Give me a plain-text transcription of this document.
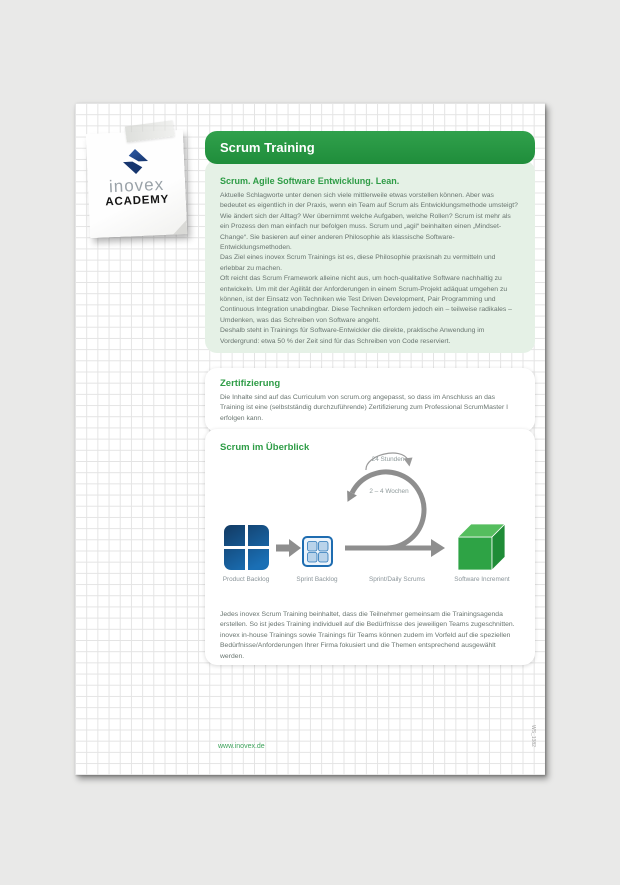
inovex
ACADEMY
Scrum Training
Scrum. Agile Software Entwicklung. Lean.

Aktuelle Schlagworte unter denen sich viele mittlerweile etwas vorstellen können. Aber was bedeutet es eigentlich in der Praxis, wenn ein Team auf Scrum als Entwicklungsmethode umsteigt? Wie ändert sich der Alltag? Wer übernimmt welche Aufgaben, welche Rollen? Scrum ist mehr als ein Prozess den man einfach nur befolgen muss. Scrum und „agil“ beinhalten einen „Mindset-Change“. Sie basieren auf einer anderen Philosophie als klassische Software-Entwicklungsmethoden.

Das Ziel eines inovex Scrum Trainings ist es, diese Philosophie praxisnah zu vermitteln und erlebbar zu machen.

Oft reicht das Scrum Framework alleine nicht aus, um hoch-qualitative Software nachhaltig zu entwickeln. Um mit der Agilität der Anforderungen in einem Scrum-Projekt adäquat umgehen zu können, ist der Einsatz von Techniken wie Test Driven Development, Pair Programming und Continuous Integration unabdingbar. Diese Techniken erfordern jedoch ein – teilweise radikales – Umdenken, was das Schreiben von Software angeht.

Deshalb steht in Trainings für Software-Entwickler die direkte, praktische Anwendung im Vordergrund: etwa 50 % der Zeit sind für das Schreiben von Code reserviert.

Zertifizierung

Die Inhalte sind auf das Curriculum von scrum.org angepasst, so dass im Anschluss an das Training ist eine (selbstständig durchzuführende) Zertifizierung zum Professional ScrumMaster I erfolgen kann.

Scrum im Überblick
24 Stunden
2 – 4 Wochen
Product Backlog	Sprint Backlog	Sprint/Daily Scrums	Software Increment

Jedes inovex Scrum Training beinhaltet, dass die Teilnehmer gemeinsam die Trainingsagenda erstellen. So ist jedes Training individuell auf die Bedürfnisse des jeweiligen Teams zugeschnitten. inovex in-house Trainings sowie Trainings für Teams können zudem im Vorfeld auf die speziellen Bedürfnisse/Anforderungen Ihrer Firma fokusiert und die Themen entsprechend ausgewählt werden.

www.inovex.de	WS_1382
